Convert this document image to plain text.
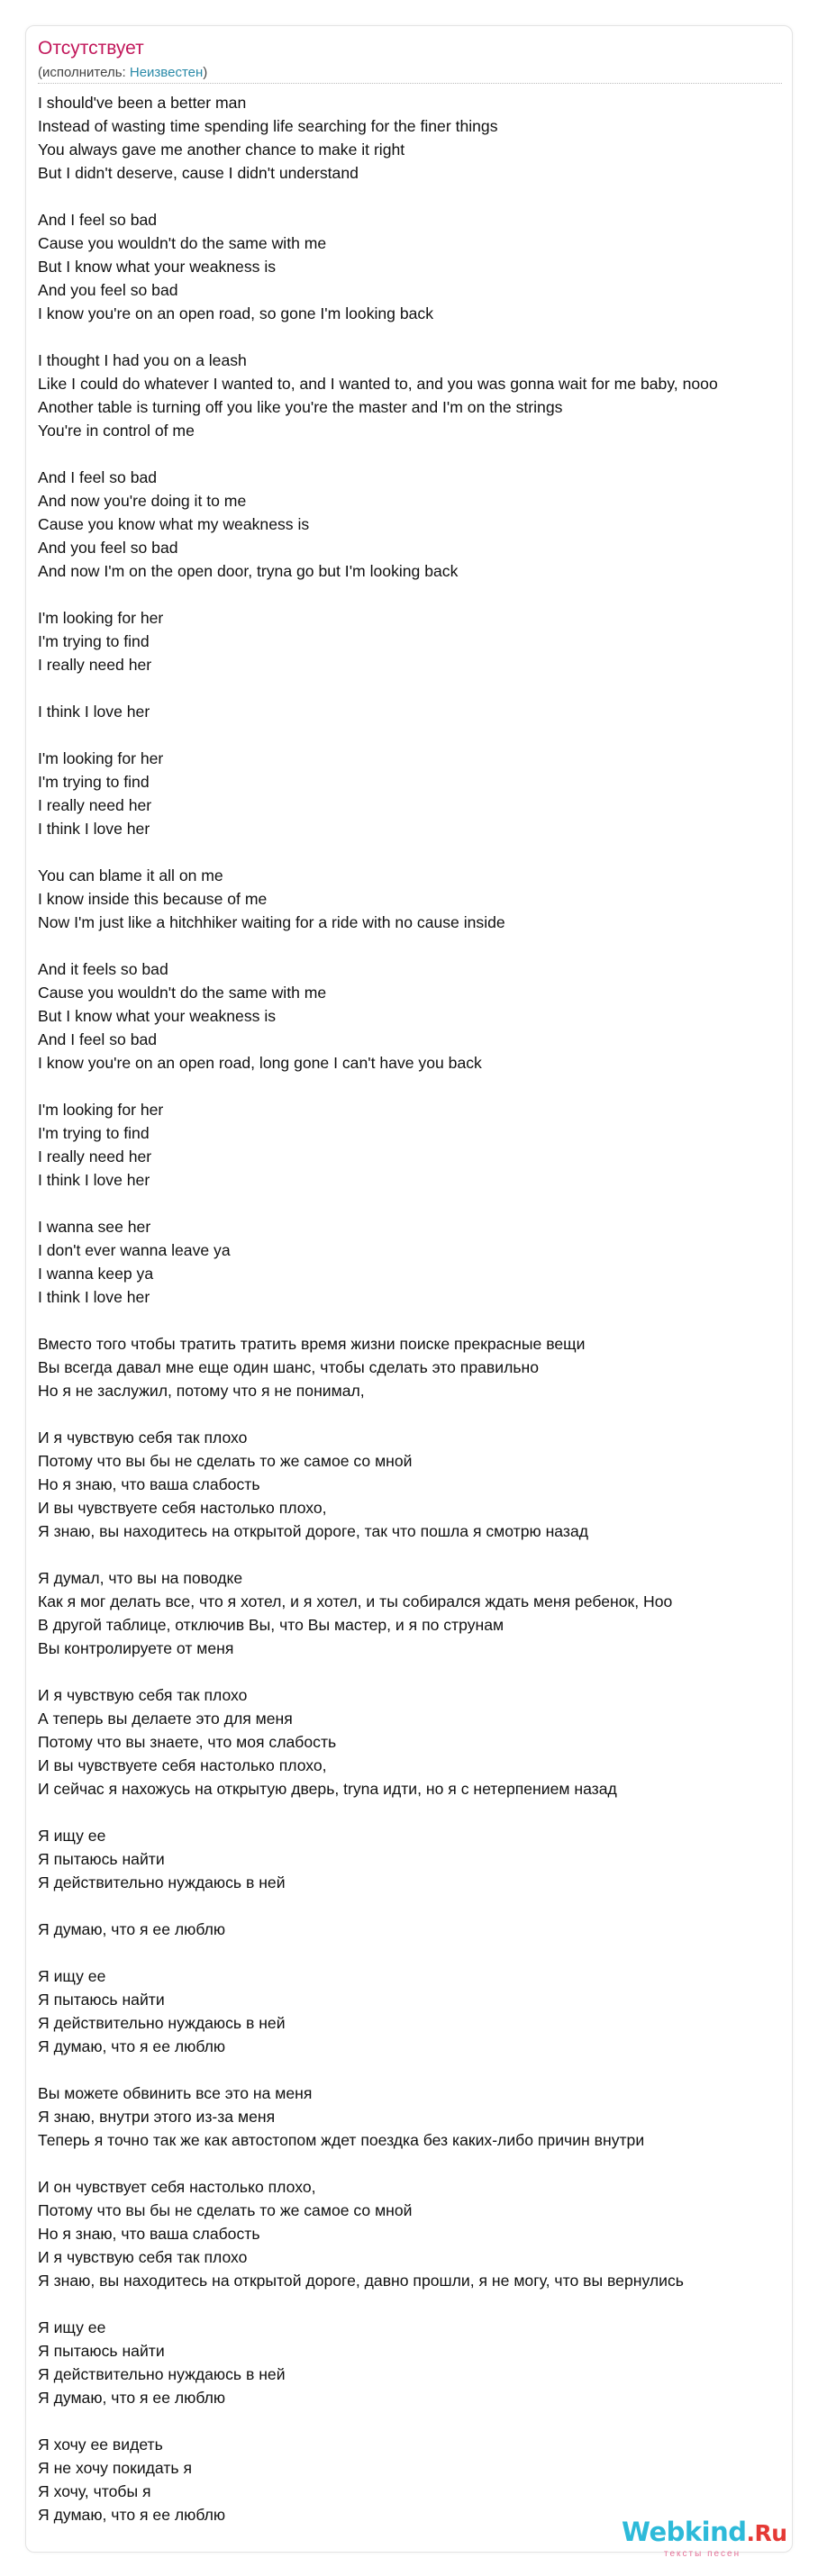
Отсутствует
(исполнитель: Неизвестен)
I should've been a better man
Instead of wasting time spending life searching for the finer things
You always gave me another chance to make it right
But I didn't deserve, cause I didn't understand
And I feel so bad
Cause you wouldn't do the same with me
But I know what your weakness is
And you feel so bad
I know you're on an open road, so gone I'm looking back
I thought I had you on a leash
Like I could do whatever I wanted to, and I wanted to, and you was gonna wait for me baby, nooo
Another table is turning off you like you're the master and I'm on the strings
You're in control of me
And I feel so bad
And now you're doing it to me
Cause you know what my weakness is
And you feel so bad
And now I'm on the open door, tryna go but I'm looking back
I'm looking for her
I'm trying to find
I really need her
I think I love her
I'm looking for her
I'm trying to find
I really need her
I think I love her
You can blame it all on me
I know inside this because of me
Now I'm just like a hitchhiker waiting for a ride with no cause inside
And it feels so bad
Cause you wouldn't do the same with me
But I know what your weakness is
And I feel so bad
I know you're on an open road, long gone I can't have you back
I'm looking for her
I'm trying to find
I really need her
I think I love her
I wanna see her
I don't ever wanna leave ya
I wanna keep ya
I think I love her
Вместо того чтобы тратить тратить время жизни поиске прекрасные вещи
Вы всегда давал мне еще один шанс, чтобы сделать это правильно
Но я не заслужил, потому что я не понимал,
И я чувствую себя так плохо
Потому что вы бы не сделать то же самое со мной
Но я знаю, что ваша слабость
И вы чувствуете себя настолько плохо,
Я знаю, вы находитесь на открытой дороге, так что пошла я смотрю назад
Я думал, что вы на поводке
Как я мог делать все, что я хотел, и я хотел, и ты собирался ждать меня ребенок, Ноо
В другой таблице, отключив Вы, что Вы мастер, и я по струнам
Вы контролируете от меня
И я чувствую себя так плохо
А теперь вы делаете это для меня
Потому что вы знаете, что моя слабость
И вы чувствуете себя настолько плохо,
И сейчас я нахожусь на открытую дверь, tryna идти, но я с нетерпением назад
Я ищу ее
Я пытаюсь найти
Я действительно нуждаюсь в ней
Я думаю, что я ее люблю
Я ищу ее
Я пытаюсь найти
Я действительно нуждаюсь в ней
Я думаю, что я ее люблю
Вы можете обвинить все это на меня
Я знаю, внутри этого из-за меня
Теперь я точно так же как автостопом ждет поездка без каких-либо причин внутри
И он чувствует себя настолько плохо,
Потому что вы бы не сделать то же самое со мной
Но я знаю, что ваша слабость
И я чувствую себя так плохо
Я знаю, вы находитесь на открытой дороге, давно прошли, я не могу, что вы вернулись
Я ищу ее
Я пытаюсь найти
Я действительно нуждаюсь в ней
Я думаю, что я ее люблю
Я хочу ее видеть
Я не хочу покидать я
Я хочу, чтобы я
Я думаю, что я ее люблю
Webkind.Ru
тексты песен
